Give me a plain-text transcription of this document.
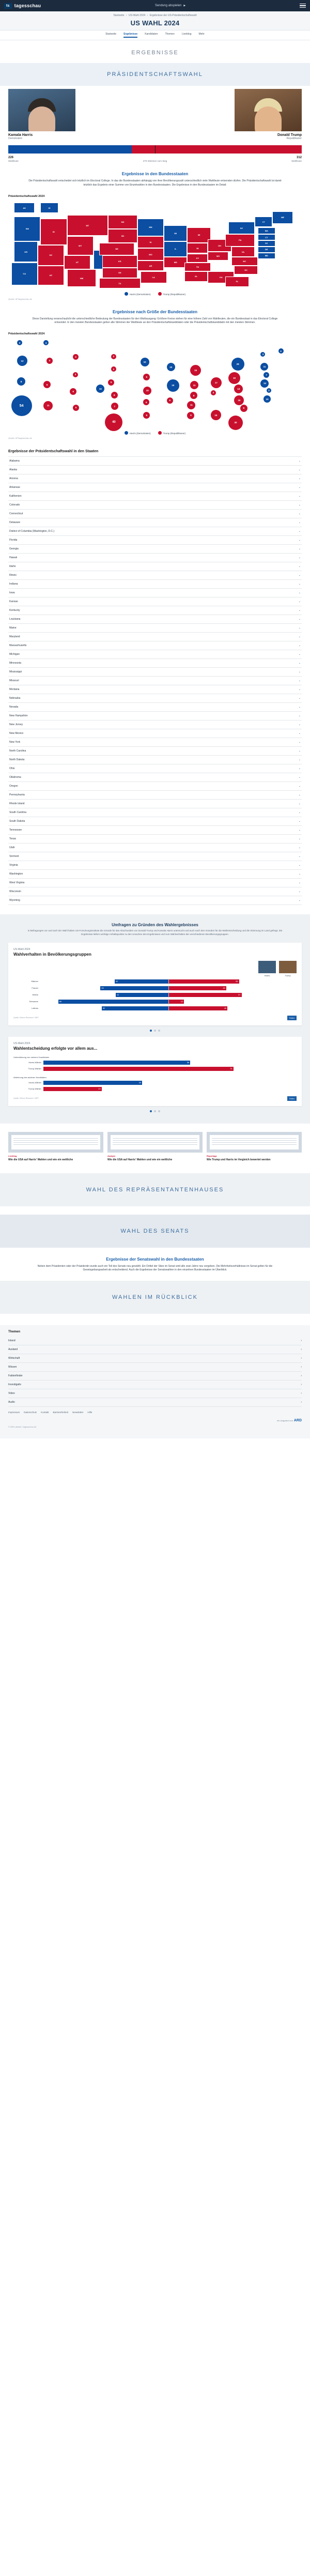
ts	tagesschau	Sendung abspielen ▶
Startseite › US-Wahl 2024 › Ergebnisse der US-Präsidentschaftswahl
US WAHL 2024
Startseite	Ergebnisse	Kandidaten	Themen	Liveblog	Mehr
ERGEBNISSE
PRÄSIDENTSCHAFTSWAHL
Kamala Harris
Demokraten
Donald Trump
Republikaner
226	312
Wahlleute	270 Stimmen zum Sieg	Wahlleute
Ergebnisse in den Bundesstaaten

Die Präsidentschaftswahl entscheidet sich letztlich im Electoral College. In das die Bundesstaaten abhängig von ihrer Bevölkerungszahl unterschiedlich viele Wahlleute entsenden dürfen. Die Präsidentschaftswahl ist damit letztlich das Ergebnis einer Summe von Einzelwahlen in den Bundesstaaten. Die Ergebnisse in den Bundesstaaten im Detail:

Präsidentschaftswahl 2024
WA
OR
CA
ID
NV
AZ
MT
WY
UT
NM
ND
SD
NE
KS
OK
TX
MN
IA
MO
AR
LA
WI
IL
MS
MI
IN
KY
TN
AL
OH
WV
GA
PA
NY
VT
ME
MA
CT
NJ
DE
MD
VA
NC
SC
FL
AK	HI
Harris (Demokraten)	Trump (Republikaner)
Quelle: AP/tagesschau.de
Ergebnisse nach Größe der Bundesstaaten

Diese Darstellung veranschaulicht die unterschiedliche Bedeutung der Bundesstaaten für den Wahlausgang: Größere Kreise stehen für eine höhere Zahl von Wahlleuten, die ein Bundesstaat in das Electoral College entsendet. In den meisten Bundesstaaten gehen alle Stimmen der Wahlleute an den Präsidentschaftskandidaten oder die Präsidentschaftskandidatin mit den meisten Stimmen.

Präsidentschaftswahl 2024
12
8
54
4
6
11
4
3
6
10
5
3
3
5
6
7
40
10
6
10
6
8
10
19
6
15
11
8
11
9
17
4
16
19
28
3
4
11
7
14
3
10
13
16
9
30
3	4
Harris (Demokraten)	Trump (Republikaner)
Quelle: AP/tagesschau.de
Ergebnisse der Präsidentschaftswahl in den Staaten
Alabama	⌄
Alaska	⌄
Arizona	⌄
Arkansas	⌄
Kalifornien	⌄
Colorado	⌄
Connecticut	⌄
Delaware	⌄
District of Columbia (Washington, D.C.)	⌄
Florida	⌄
Georgia	⌄
Hawaii	⌄
Idaho	⌄
Illinois	⌄
Indiana	⌄
Iowa	⌄
Kansas	⌄
Kentucky	⌄
Louisiana	⌄
Maine	⌄
Maryland	⌄
Massachusetts	⌄
Michigan	⌄
Minnesota	⌄
Mississippi	⌄
Missouri	⌄
Montana	⌄
Nebraska	⌄
Nevada	⌄
New Hampshire	⌄
New Jersey	⌄
New Mexico	⌄
New York	⌄
North Carolina	⌄
North Dakota	⌄
Ohio	⌄
Oklahoma	⌄
Oregon	⌄
Pennsylvania	⌄
Rhode Island	⌄
South Carolina	⌄
South Dakota	⌄
Tennessee	⌄
Texas	⌄
Utah	⌄
Vermont	⌄
Virginia	⌄
Washington	⌄
West Virginia	⌄
Wisconsin	⌄
Wyoming	⌄
Umfragen zu Gründen des Wahlergebnisses
In Befragungen vor und nach der Wahl haben US-Forschungsinstitute die Gründe für das Abschneiden von Donald Trump und Kamala Harris untersucht und auch nach den Gründen für die Wahlentscheidung und die Stimmung im Land gefragt. Die Ergebnisse liefern wichtige Anhaltspunkte zu den Ursachen des Ergebnisses und zum Wahlverhalten der verschiedenen Bevölkerungsgruppen.
US-Wahl 2024
Wahlverhalten in Bevölkerungsgruppen
Harris	Trump
Männer	42	55
Frauen	53	45
Weiße	41	57
Schwarze	86	12
Latinos	52	46
Quelle: Edison Research / NEP	Teilen
US-Wahl 2024
Wahlentscheidung erfolgte vor allem aus...
Unterstützung von meinem Kandidaten
Harris-Wähler	58
Trump-Wähler	75
Ablehnung des anderen Kandidaten
Harris-Wähler	39
Trump-Wähler	23
Quelle: Edison Research / NEP	Teilen
Liveblog
Wie die USA auf Harris' Wahlen und wie ein weltliche
Analyse
Wie die USA auf Harris' Wahlen und wie ein weltliche
Reportage
Wie Trump und Harris im Vergleich bewertet werden
WAHL DES REPRÄSENTANTENHAUSES
WAHL DES SENATS
Ergebnisse der Senatswahl in den Bundesstaaten

Neben dem Präsidenten oder der Präsidentin wurde auch ein Teil des Senats neu gewählt. Ein Drittel der Sitze im Senat wird alle zwei Jahre neu vergeben. Die Mehrheitsverhältnisse im Senat gelten für die Gesetzgebungsarbeit als entscheidend. Auch die Ergebnisse der Senatswahlen in den einzelnen Bundesstaaten im Überblick.

WAHLEN IM RÜCKBLICK
Themen
Inland	›
Ausland	›
Wirtschaft	›
Wissen	›
Faktenfinder	›
Investigativ	›
Video	›
Audio	›
Impressum Datenschutz Kontakt Barrierefreiheit Newsletter Hilfe
ein Angebot von ARD
© ARD-aktuell / tagesschau.de
